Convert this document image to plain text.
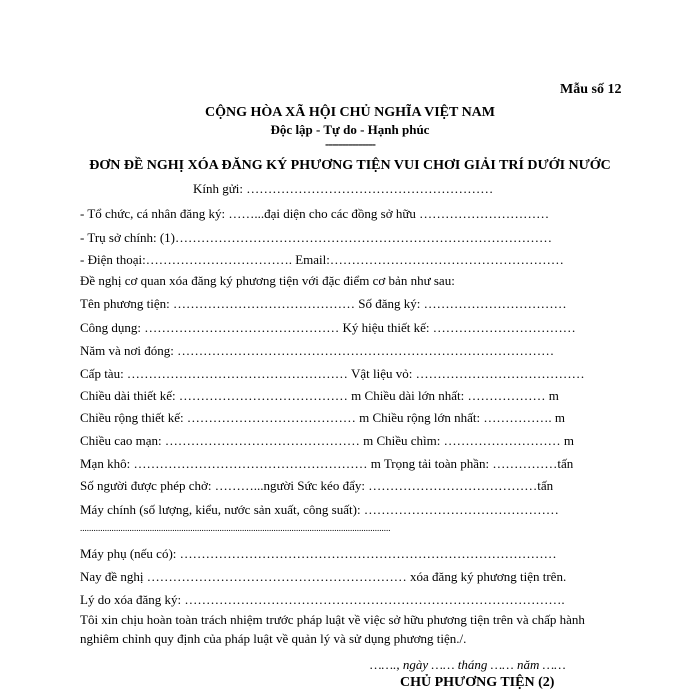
Mẫu số 12
CỘNG HÒA XÃ HỘI CHỦ NGHĨA VIỆT NAM
Độc lập - Tự do - Hạnh phúc
---------------
ĐƠN ĐỀ NGHỊ XÓA ĐĂNG KÝ PHƯƠNG TIỆN VUI CHƠI GIẢI TRÍ DƯỚI NƯỚC
Kính gửi: …………………………………………………
- Tổ chức, cá nhân đăng ký: ……...đại diện cho các đồng sở hữu …………………………
- Trụ sở chính: (1)……………………………………………………………………………
- Điện thoại:……………………………. Email:………………………………………………
Đề nghị cơ quan xóa đăng ký phương tiện với đặc điểm cơ bản như sau:
Tên phương tiện: …………………………………… Số đăng ký: ……………………………
Công dụng: ……………………………………… Ký hiệu thiết kế: ……………………………
Năm và nơi đóng: ……………………………………………………………………………
Cấp tàu: …………………………………………… Vật liệu vỏ: …………………………………
Chiều dài thiết kế: ………………………………… m Chiều dài lớn nhất: ……………… m
Chiều rộng thiết kế: ………………………………… m Chiều rộng lớn nhất: ……………. m
Chiều cao mạn: ……………………………………… m Chiều chìm: ……………………… m
Mạn khô: ……………………………………………… m Trọng tải toàn phần: ……………tấn
Số người được phép chở: ………...người Sức kéo đẩy: …………………………………tấn
Máy chính (số lượng, kiểu, nước sản xuất, công suất): ………………………………………
..........................................................................................................................................
Máy phụ (nếu có): ……………………………………………………………………………
Nay đề nghị …………………………………………………… xóa đăng ký phương tiện trên.
Lý do xóa đăng ký: …………………………………………………………………………….
Tôi xin chịu hoàn toàn trách nhiệm trước pháp luật về việc sở hữu phương tiện trên và chấp hành nghiêm chỉnh quy định của pháp luật về quản lý và sử dụng phương tiện./.
……., ngày …… tháng …… năm ……
CHỦ PHƯƠNG TIỆN (2)
